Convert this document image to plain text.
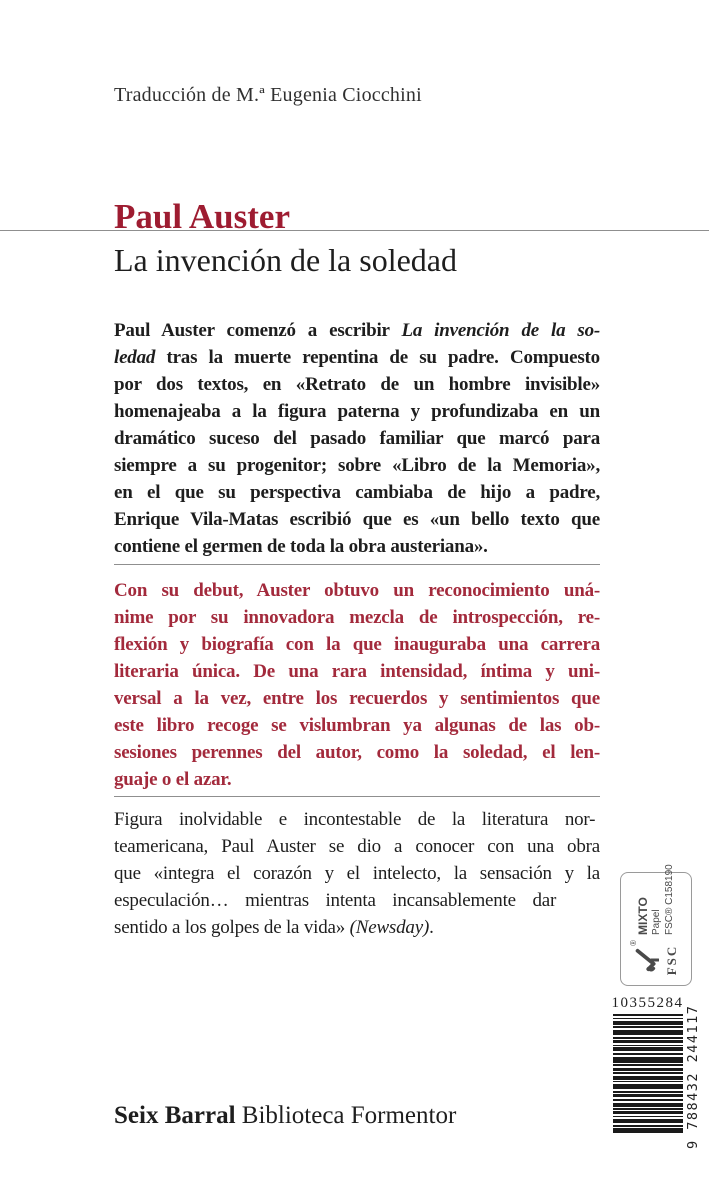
Traducción de M.ª Eugenia Ciocchini
Paul Auster
La invención de la soledad
Paul Auster comenzó a escribir La invención de la so-
ledad tras la muerte repentina de su padre. Compuesto
por dos textos, en «Retrato de un hombre invisible»
homenajeaba a la figura paterna y profundizaba en un
dramático suceso del pasado familiar que marcó para
siempre a su progenitor; sobre «Libro de la Memoria»,
en el que su perspectiva cambiaba de hijo a padre,
Enrique Vila-Matas escribió que es «un bello texto que
contiene el germen de toda la obra austeriana».
Con su debut, Auster obtuvo un reconocimiento uná-
nime por su innovadora mezcla de introspección, re-
flexión y biografía con la que inauguraba una carrera
literaria única. De una rara intensidad, íntima y uni-
versal a la vez, entre los recuerdos y sentimientos que
este libro recoge se vislumbran ya algunas de las ob-
sesiones perennes del autor, como la soledad, el len-
guaje o el azar.
Figura inolvidable e incontestable de la literatura nor-
teamericana, Paul Auster se dio a conocer con una obra
que «integra el corazón y el intelecto, la sensación y la
especulación… mientras intenta incansablemente dar
sentido a los golpes de la vida» (Newsday).
®
FSC
MIXTO Papel FSC® C158190
10355284
9 788432 244117
Seix Barral Biblioteca Formentor
